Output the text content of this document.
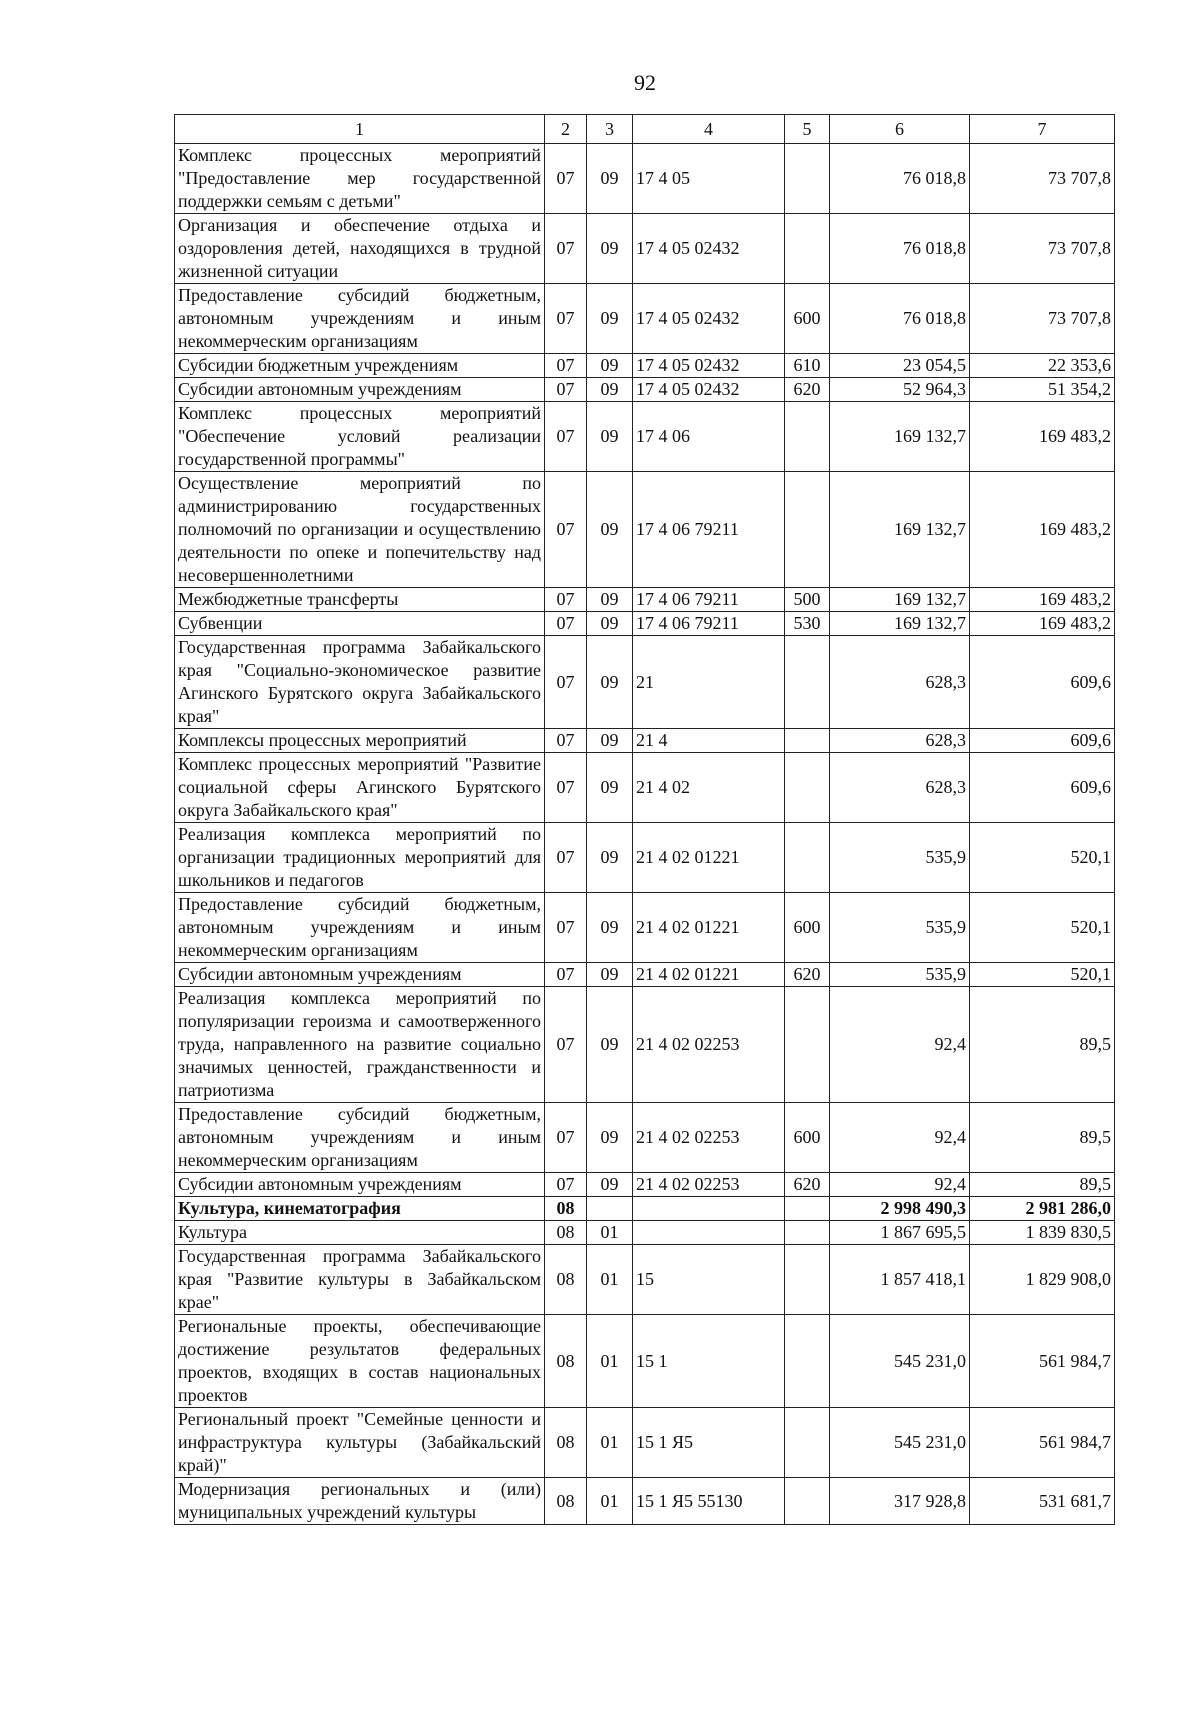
92
1	2	3	4	5	6	7
Комплекс процессных мероприятий "Предоставление мер государственной поддержки семьям с детьми"	07	09	17 4 05		76 018,8	73 707,8
Организация и обеспечение отдыха и оздоровления детей, находящихся в трудной жизненной ситуации	07	09	17 4 05 02432		76 018,8	73 707,8
Предоставление субсидий бюджетным, автономным учреждениям и иным некоммерческим организациям	07	09	17 4 05 02432	600	76 018,8	73 707,8
Субсидии бюджетным учреждениям	07	09	17 4 05 02432	610	23 054,5	22 353,6
Субсидии автономным учреждениям	07	09	17 4 05 02432	620	52 964,3	51 354,2
Комплекс процессных мероприятий "Обеспечение условий реализации государственной программы"	07	09	17 4 06		169 132,7	169 483,2
Осуществление мероприятий по администрированию государственных полномочий по организации и осуществлению деятельности по опеке и попечительству над несовершеннолетними	07	09	17 4 06 79211		169 132,7	169 483,2
Межбюджетные трансферты	07	09	17 4 06 79211	500	169 132,7	169 483,2
Субвенции	07	09	17 4 06 79211	530	169 132,7	169 483,2
Государственная программа Забайкальского края "Социально-экономическое развитие Агинского Бурятского округа Забайкальского края"	07	09	21		628,3	609,6
Комплексы процессных мероприятий	07	09	21 4		628,3	609,6
Комплекс процессных мероприятий "Развитие социальной сферы Агинского Бурятского округа Забайкальского края"	07	09	21 4 02		628,3	609,6
Реализация комплекса мероприятий по организации традиционных мероприятий для школьников и педагогов	07	09	21 4 02 01221		535,9	520,1
Предоставление субсидий бюджетным, автономным учреждениям и иным некоммерческим организациям	07	09	21 4 02 01221	600	535,9	520,1
Субсидии автономным учреждениям	07	09	21 4 02 01221	620	535,9	520,1
Реализация комплекса мероприятий по популяризации героизма и самоотверженного труда, направленного на развитие социально значимых ценностей, гражданственности и патриотизма	07	09	21 4 02 02253		92,4	89,5
Предоставление субсидий бюджетным, автономным учреждениям и иным некоммерческим организациям	07	09	21 4 02 02253	600	92,4	89,5
Субсидии автономным учреждениям	07	09	21 4 02 02253	620	92,4	89,5
Культура, кинематография	08				2 998 490,3	2 981 286,0
Культура	08	01			1 867 695,5	1 839 830,5
Государственная программа Забайкальского края "Развитие культуры в Забайкальском крае"	08	01	15		1 857 418,1	1 829 908,0
Региональные проекты, обеспечивающие достижение результатов федеральных проектов, входящих в состав национальных проектов	08	01	15 1		545 231,0	561 984,7
Региональный проект "Семейные ценности и инфраструктура культуры (Забайкальский край)"	08	01	15 1 Я5		545 231,0	561 984,7
Модернизация региональных и (или) муниципальных учреждений культуры	08	01	15 1 Я5 55130		317 928,8	531 681,7
